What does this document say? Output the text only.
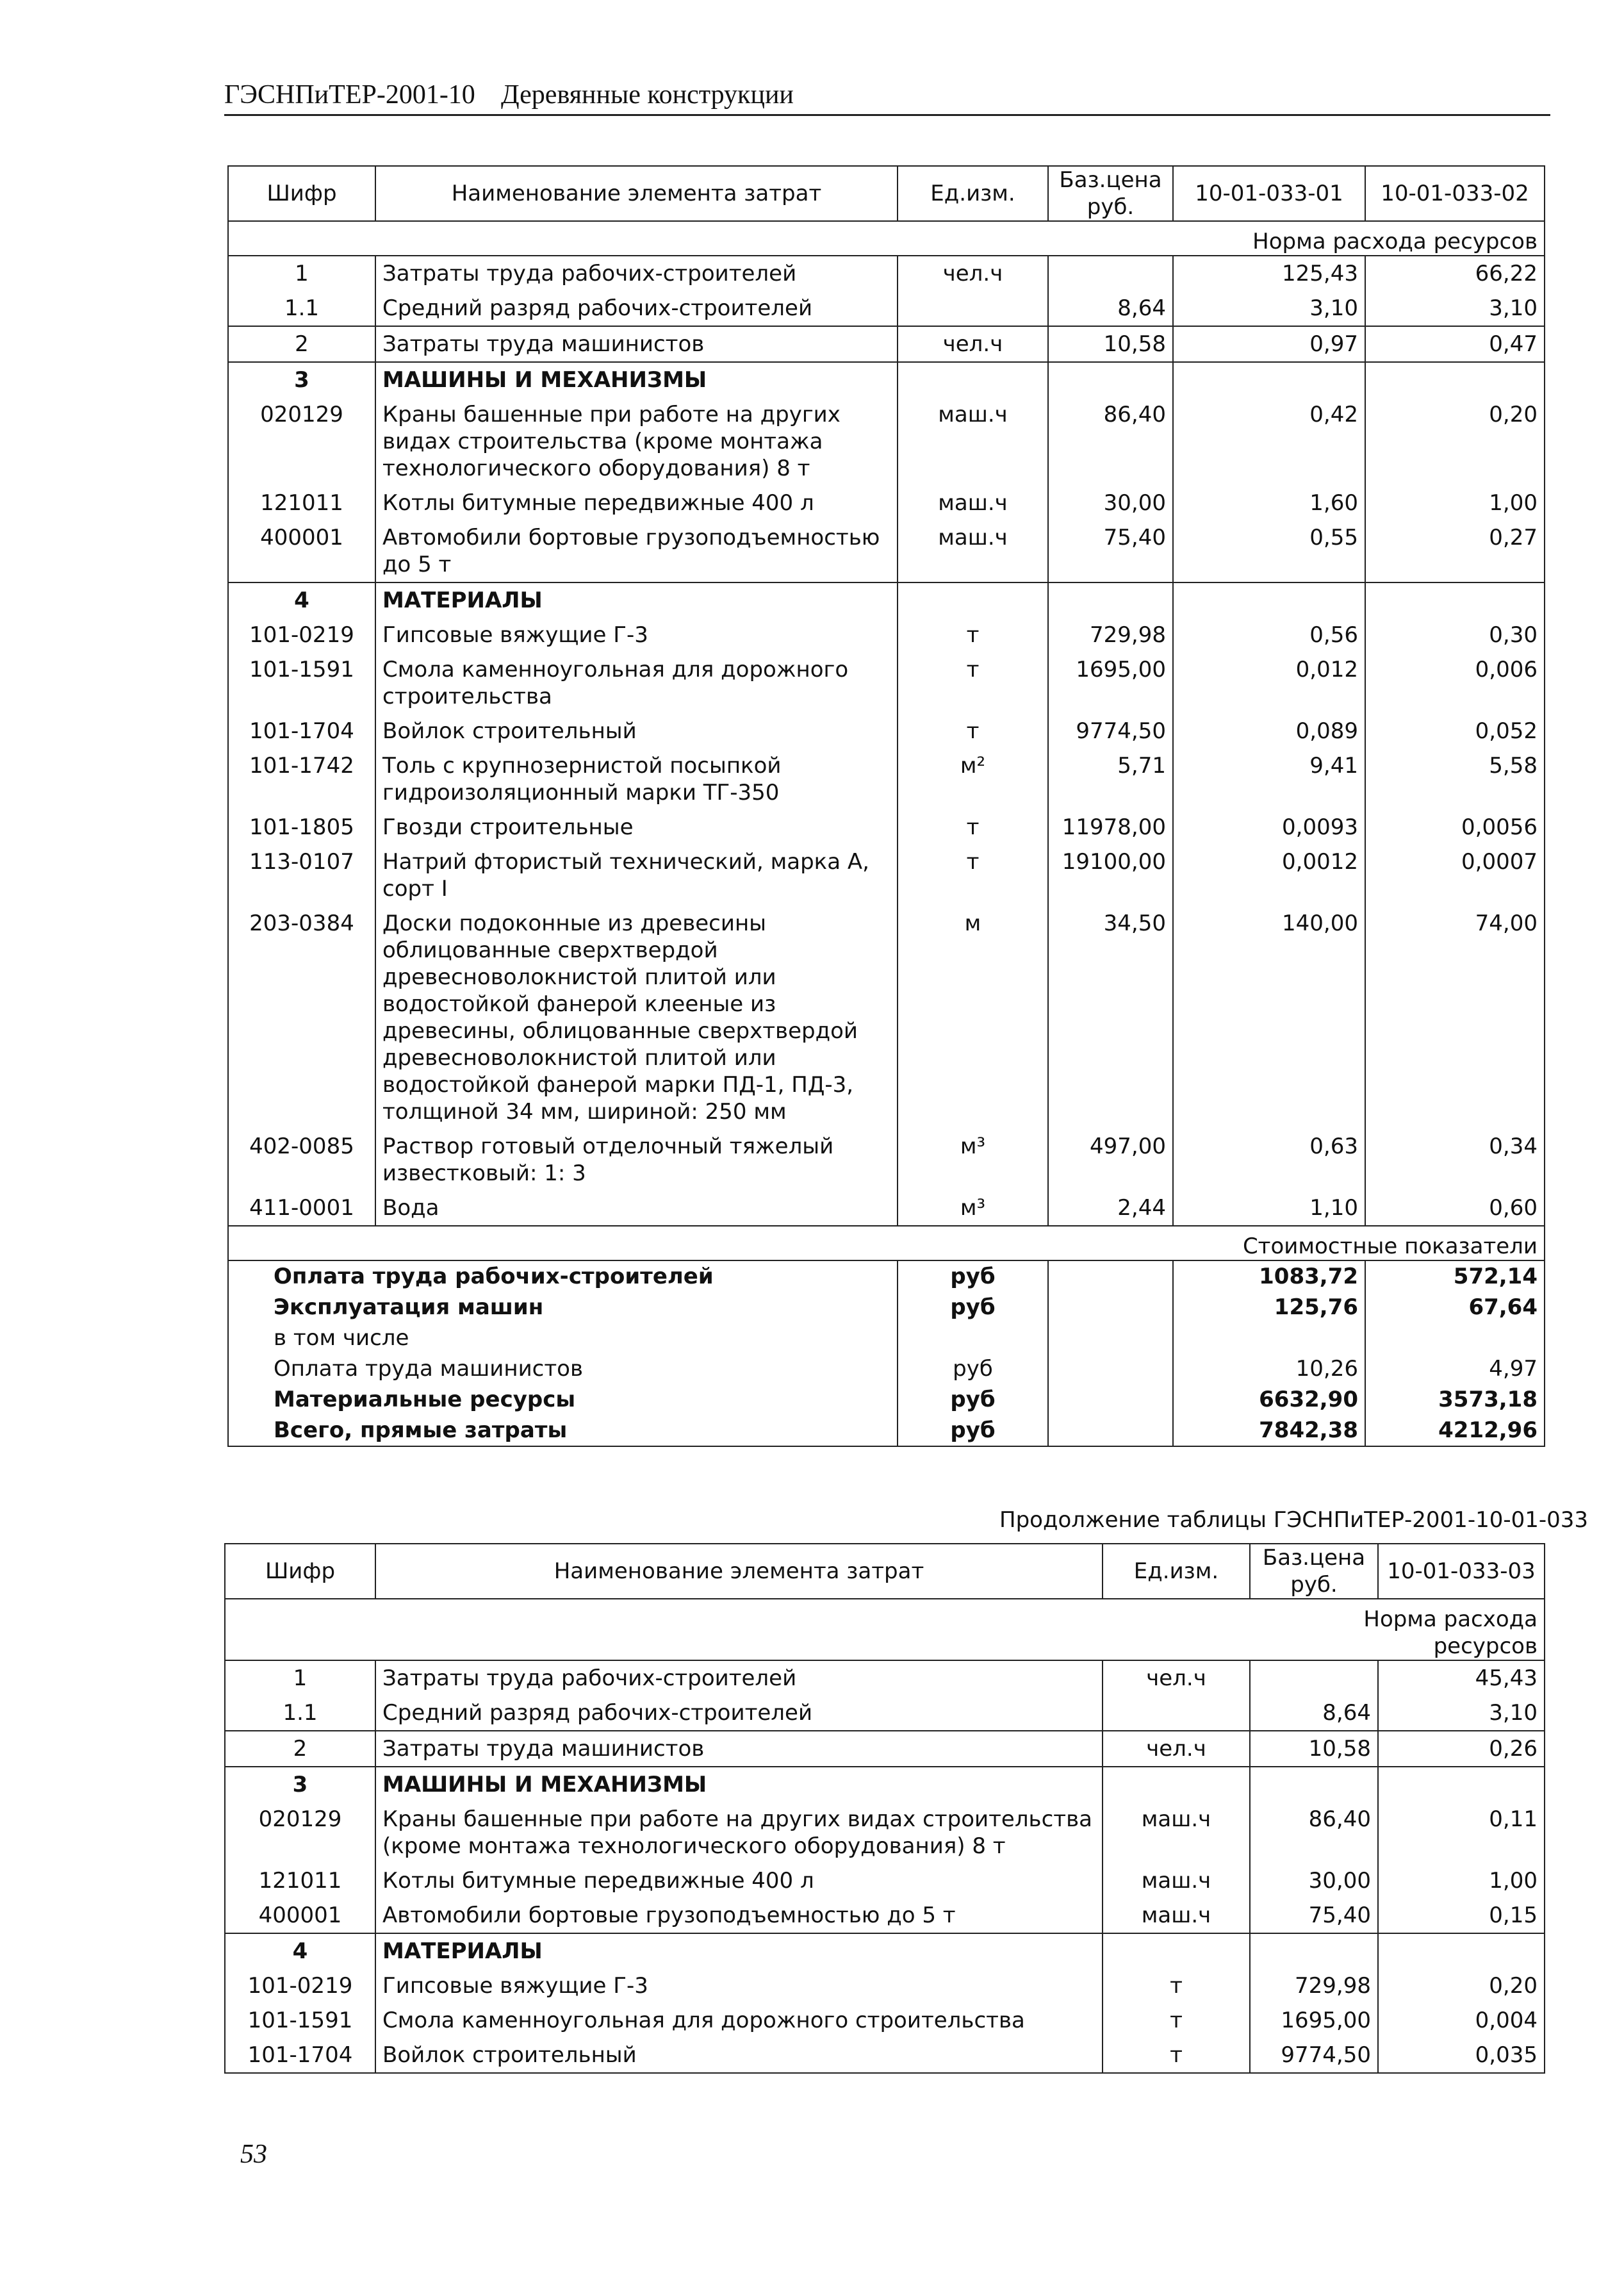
ГЭСНПиТЕР-2001-10 Деревянные конструкции
Шифр	Наименование элемента затрат	Ед.изм.	Баз.цена руб.	10-01-033-01	10-01-033-02
				Норма расхода ресурсов	
1	Затраты труда рабочих-строителей	чел.ч		125,43	66,22
1.1	Средний разряд рабочих-строителей		8,64	3,10	3,10
2	Затраты труда машинистов	чел.ч	10,58	0,97	0,47
3	МАШИНЫ И МЕХАНИЗМЫ				
020129	Краны башенные при работе на других видах строительства (кроме монтажа технологического оборудования) 8 т	маш.ч	86,40	0,42	0,20
121011	Котлы битумные передвижные 400 л	маш.ч	30,00	1,60	1,00
400001	Автомобили бортовые грузоподъемностью до 5 т	маш.ч	75,40	0,55	0,27
4	МАТЕРИАЛЫ				
101-0219	Гипсовые вяжущие Г-3	т	729,98	0,56	0,30
101-1591	Смола каменноугольная для дорожного строительства	т	1695,00	0,012	0,006
101-1704	Войлок строительный	т	9774,50	0,089	0,052
101-1742	Толь с крупнозернистой посыпкой гидроизоляционный марки ТГ-350	м²	5,71	9,41	5,58
101-1805	Гвозди строительные	т	11978,00	0,0093	0,0056
113-0107	Натрий фтористый технический, марка А, сорт I	т	19100,00	0,0012	0,0007
203-0384	Доски подоконные из древесины облицованные сверхтвердой древесноволокнистой плитой или водостойкой фанерой клееные из древесины, облицованные сверхтвердой древесноволокнистой плитой или водостойкой фанерой марки ПД-1, ПД-3, толщиной 34 мм, шириной: 250 мм	м	34,50	140,00	74,00
402-0085	Раствор готовый отделочный тяжелый известковый: 1: 3	м³	497,00	0,63	0,34
411-0001	Вода	м³	2,44	1,10	0,60
				Стоимостные показатели	
Оплата труда рабочих-строителей		руб		1083,72	572,14
Эксплуатация машин		руб		125,76	67,64
в том числе					
Оплата труда машинистов		руб		10,26	4,97
Материальные ресурсы		руб		6632,90	3573,18
Всего, прямые затраты		руб		7842,38	4212,96
Продолжение таблицы ГЭСНПиТЕР-2001-10-01-033
Шифр	Наименование элемента затрат	Ед.изм.	Баз.цена руб.	10-01-033-03
			Норма расхода ресурсов	
1	Затраты труда рабочих-строителей	чел.ч		45,43
1.1	Средний разряд рабочих-строителей		8,64	3,10
2	Затраты труда машинистов	чел.ч	10,58	0,26
3	МАШИНЫ И МЕХАНИЗМЫ			
020129	Краны башенные при работе на других видах строительства (кроме монтажа технологического оборудования) 8 т	маш.ч	86,40	0,11
121011	Котлы битумные передвижные 400 л	маш.ч	30,00	1,00
400001	Автомобили бортовые грузоподъемностью до 5 т	маш.ч	75,40	0,15
4	МАТЕРИАЛЫ			
101-0219	Гипсовые вяжущие Г-3	т	729,98	0,20
101-1591	Смола каменноугольная для дорожного строительства	т	1695,00	0,004
101-1704	Войлок строительный	т	9774,50	0,035
53
